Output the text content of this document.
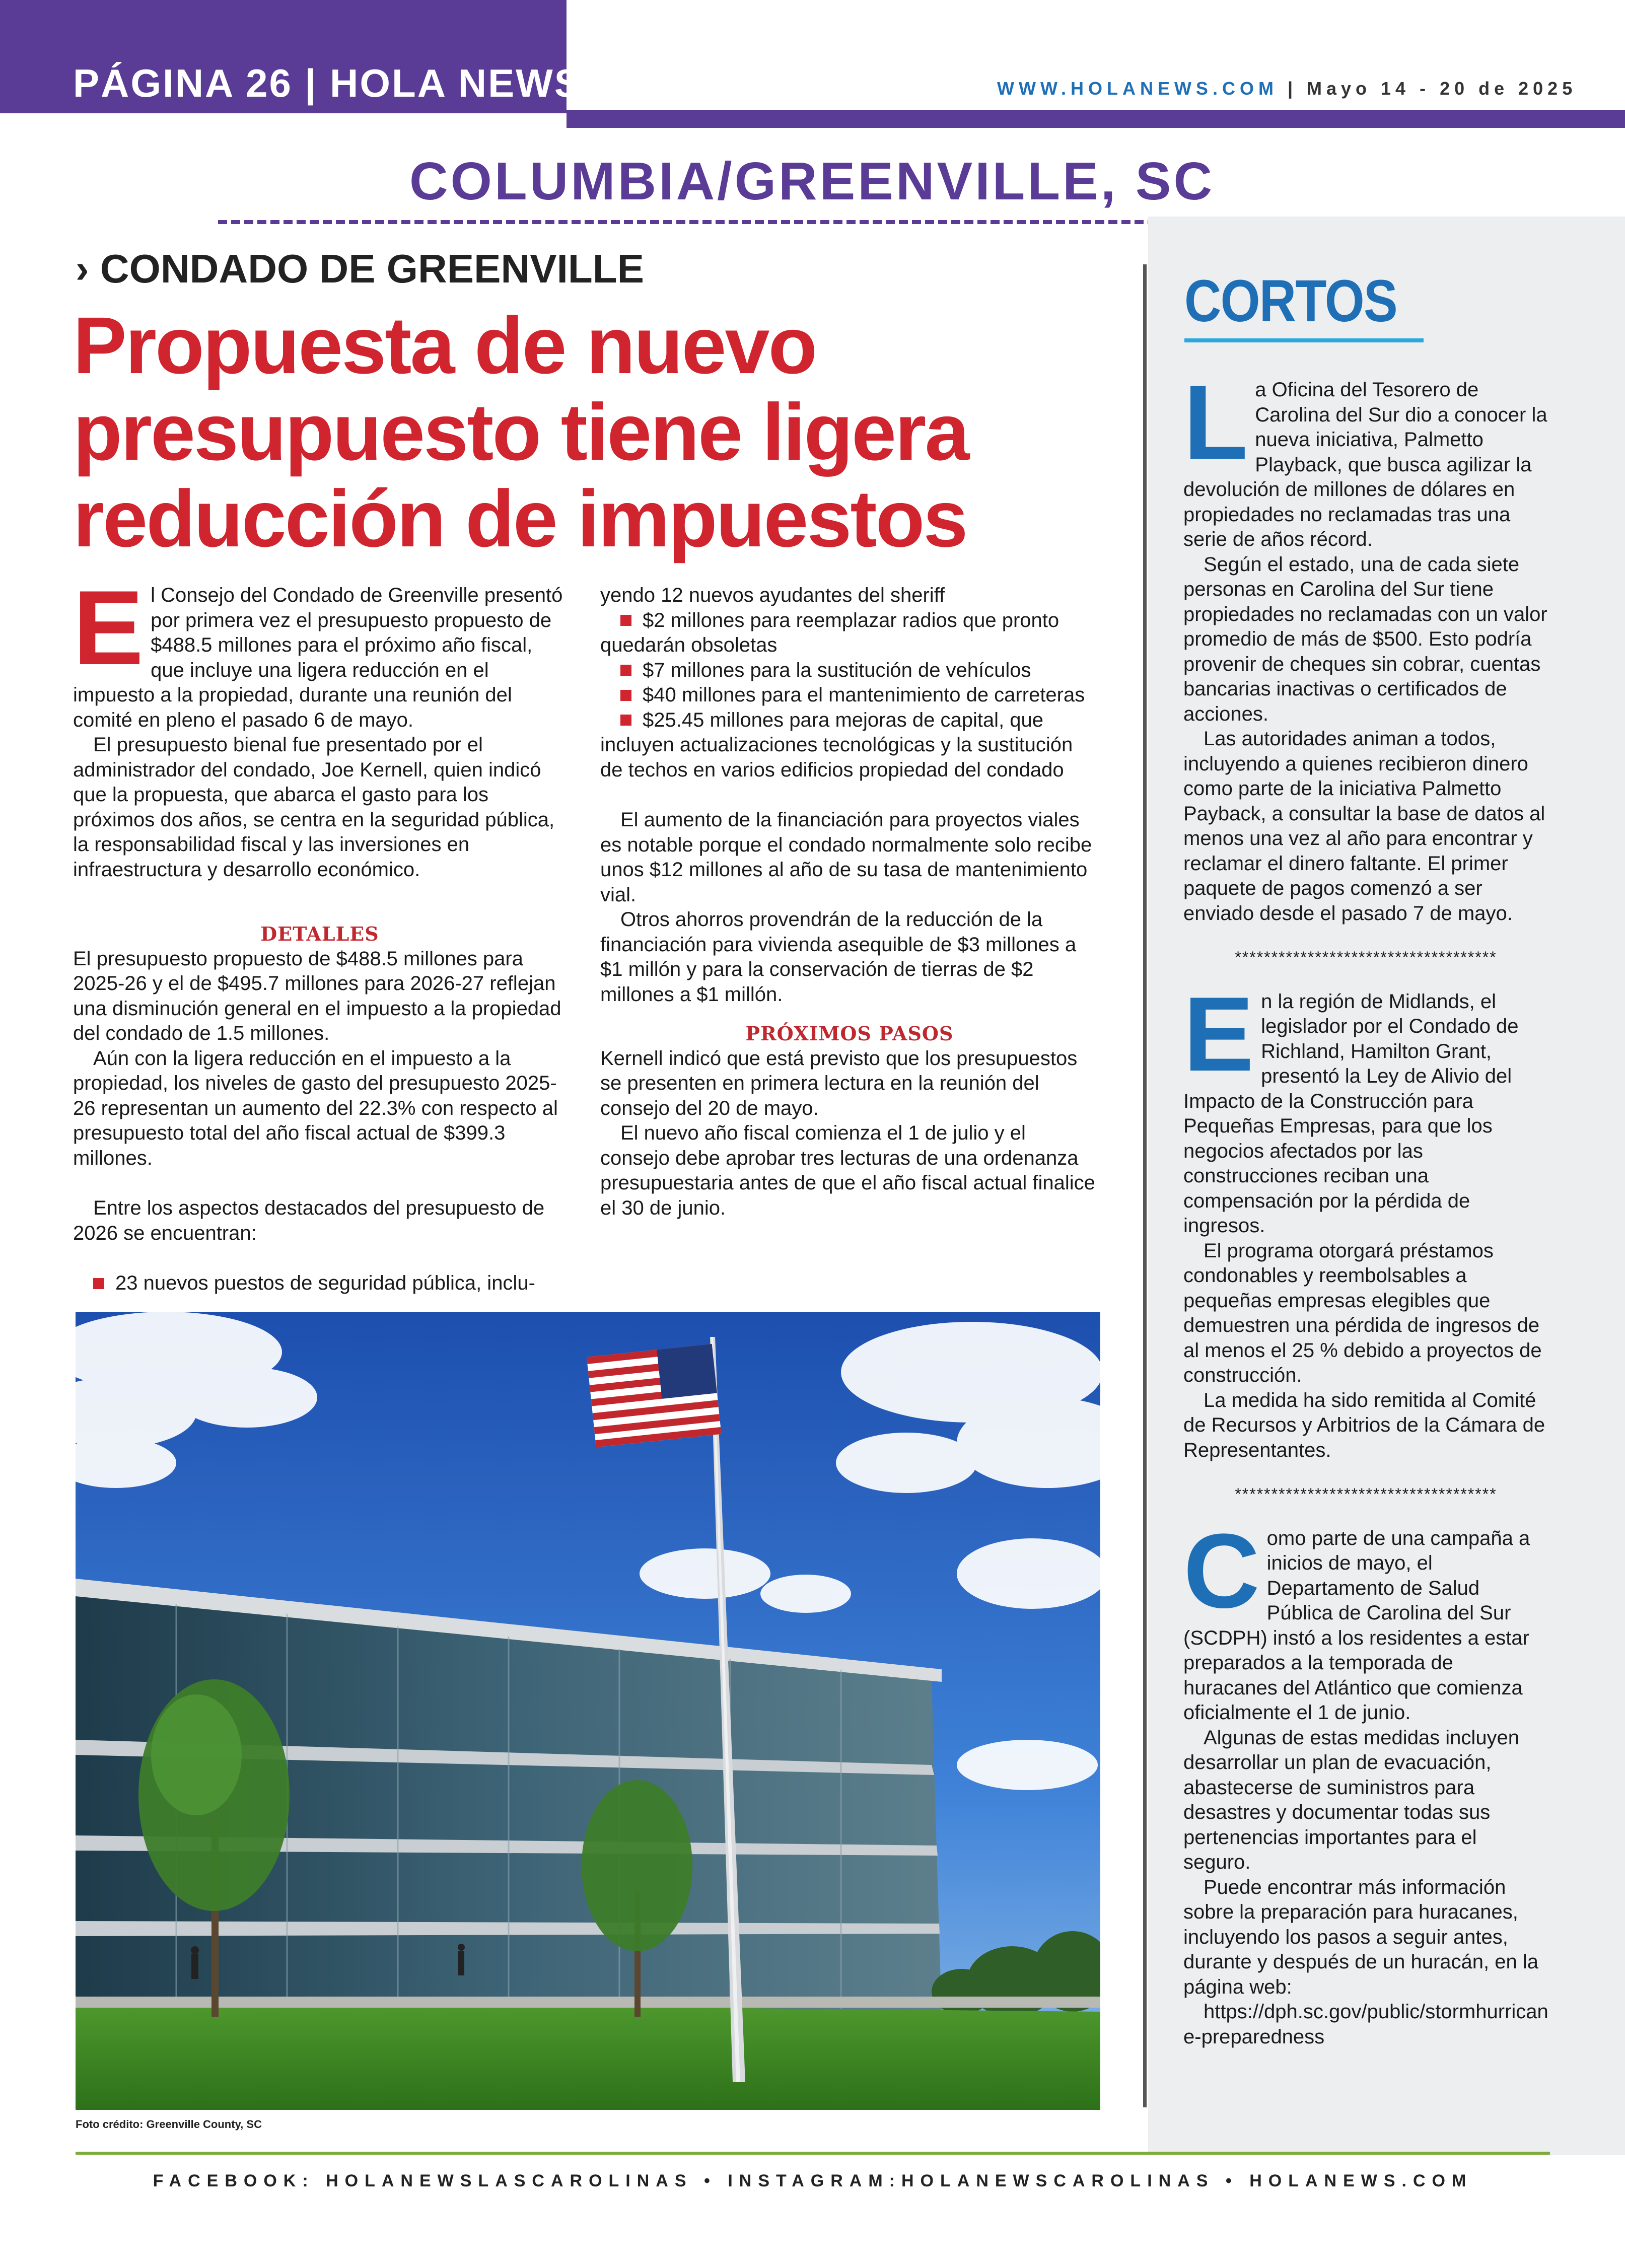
PÁGINA 26 | HOLA NEWS	WWW.HOLANEWS.COM | Mayo 14 - 20 de 2025
COLUMBIA/GREENVILLE, SC
› CONDADO DE GREENVILLE
Propuesta de nuevo presupuesto tiene ligera reducción de impuestos

El Consejo del Condado de Greenville presentó por primera vez el presupuesto propuesto de $488.5 millones para el próximo año fiscal, que incluye una ligera reducción en el impuesto a la propiedad, durante una reunión del comité en pleno el pasado 6 de mayo.

El presupuesto bienal fue presentado por el administrador del condado, Joe Kernell, quien indicó que la propuesta, que abarca el gasto para los próximos dos años, se centra en la seguridad pública, la responsabilidad fiscal y las inversiones en infraestructura y desarrollo económico.

DETALLES

El presupuesto propuesto de $488.5 millones para 2025-26 y el de $495.7 millones para 2026-27 reflejan una disminución general en el impuesto a la propiedad del condado de 1.5 millones.

Aún con la ligera reducción en el impuesto a la propiedad, los niveles de gasto del presupuesto 2025-26 representan un aumento del 22.3% con respecto al presupuesto total del año fiscal actual de $399.3 millones.

Entre los aspectos destacados del presupuesto de 2026 se encuentran:

23 nuevos puestos de seguridad pública, inclu-

yendo 12 nuevos ayudantes del sheriff

$2 millones para reemplazar radios que pronto quedarán obsoletas
$7 millones para la sustitución de vehículos
$40 millones para el mantenimiento de carreteras
$25.45 millones para mejoras de capital, que incluyen actualizaciones tecnológicas y la sustitución de techos en varios edificios propiedad del condado

El aumento de la financiación para proyectos viales es notable porque el condado normalmente solo recibe unos $12 millones al año de su tasa de mantenimiento vial.

Otros ahorros provendrán de la reducción de la financiación para vivienda asequible de $3 millones a $1 millón y para la conservación de tierras de $2 millones a $1 millón.

PRÓXIMOS PASOS

Kernell indicó que está previsto que los presupuestos se presenten en primera lectura en la reunión del consejo del 20 de mayo.

El nuevo año fiscal comienza el 1 de julio y el consejo debe aprobar tres lecturas de una ordenanza presupuestaria antes de que el año fiscal actual finalice el 30 de junio.

Foto crédito: Greenville County, SC
CORTOS

La Oficina del Tesorero de Carolina del Sur dio a conocer la nueva iniciativa, Palmetto Playback, que busca agilizar la devolución de millones de dólares en propiedades no reclamadas tras una serie de años récord.

Según el estado, una de cada siete personas en Carolina del Sur tiene propiedades no reclamadas con un valor promedio de más de $500. Esto podría provenir de cheques sin cobrar, cuentas bancarias inactivas o certificados de acciones.

Las autoridades animan a todos, incluyendo a quienes recibieron dinero como parte de la iniciativa Palmetto Payback, a consultar la base de datos al menos una vez al año para encontrar y reclamar el dinero faltante. El primer paquete de pagos comenzó a ser enviado desde el pasado 7 de mayo.

************************************

En la región de Midlands, el legislador por el Condado de Richland, Hamilton Grant, presentó la Ley de Alivio del Impacto de la Construcción para Pequeñas Empresas, para que los negocios afectados por las construcciones reciban una compensación por la pérdida de ingresos.

El programa otorgará préstamos condonables y reembolsables a pequeñas empresas elegibles que demuestren una pérdida de ingresos de al menos el 25 % debido a proyectos de construcción.

La medida ha sido remitida al Comité de Recursos y Arbitrios de la Cámara de Representantes.

************************************

Como parte de una campaña a inicios de mayo, el Departamento de Salud Pública de Carolina del Sur (SCDPH) instó a los residentes a estar preparados a la temporada de huracanes del Atlántico que comienza oficialmente el 1 de junio.

Algunas de estas medidas incluyen desarrollar un plan de evacuación, abastecerse de suministros para desastres y documentar todas sus pertenencias importantes para el seguro.

Puede encontrar más información sobre la preparación para huracanes, incluyendo los pasos a seguir antes, durante y después de un huracán, en la página web:

https://dph.sc.gov/public/stormhurricane-preparedness

FACEBOOK: HOLANEWSLASCAROLINAS • INSTAGRAM:HOLANEWSCAROLINAS • HOLANEWS.COM
